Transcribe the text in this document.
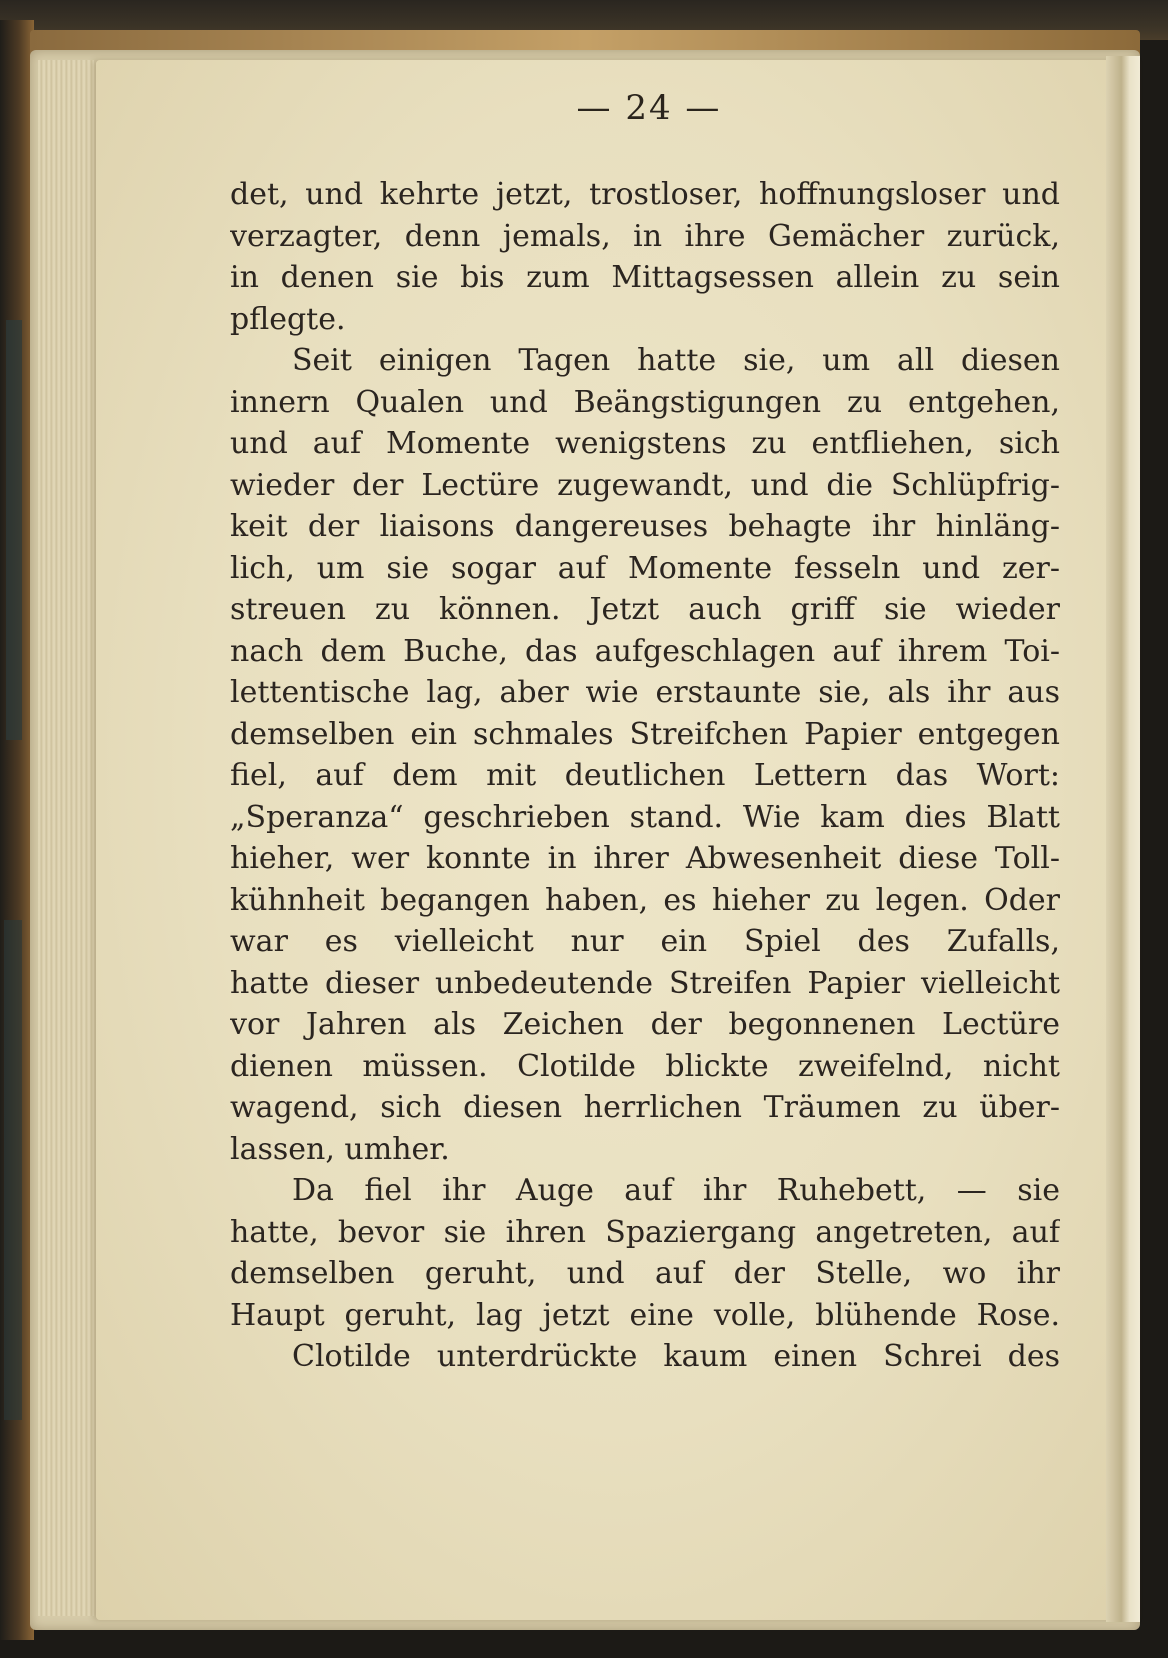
— 24 —
det, und kehrte jetzt, trostloser, hoffnungsloser und
verzagter, denn jemals, in ihre Gemächer zurück,
in denen sie bis zum Mittagsessen allein zu sein
pflegte.
Seit einigen Tagen hatte sie, um all diesen
innern Qualen und Beängstigungen zu entgehen,
und auf Momente wenigstens zu entfliehen, sich
wieder der Lectüre zugewandt, und die Schlüpfrig-
keit der liaisons dangereuses behagte ihr hinläng-
lich, um sie sogar auf Momente fesseln und zer-
streuen zu können. Jetzt auch griff sie wieder
nach dem Buche, das aufgeschlagen auf ihrem Toi-
lettentische lag, aber wie erstaunte sie, als ihr aus
demselben ein schmales Streifchen Papier entgegen
fiel, auf dem mit deutlichen Lettern das Wort:
„Speranza“ geschrieben stand. Wie kam dies Blatt
hieher, wer konnte in ihrer Abwesenheit diese Toll-
kühnheit begangen haben, es hieher zu legen. Oder
war es vielleicht nur ein Spiel des Zufalls,
hatte dieser unbedeutende Streifen Papier vielleicht
vor Jahren als Zeichen der begonnenen Lectüre
dienen müssen. Clotilde blickte zweifelnd, nicht
wagend, sich diesen herrlichen Träumen zu über-
lassen, umher.
Da fiel ihr Auge auf ihr Ruhebett, — sie
hatte, bevor sie ihren Spaziergang angetreten, auf
demselben geruht, und auf der Stelle, wo ihr
Haupt geruht, lag jetzt eine volle, blühende Rose.
Clotilde unterdrückte kaum einen Schrei des
